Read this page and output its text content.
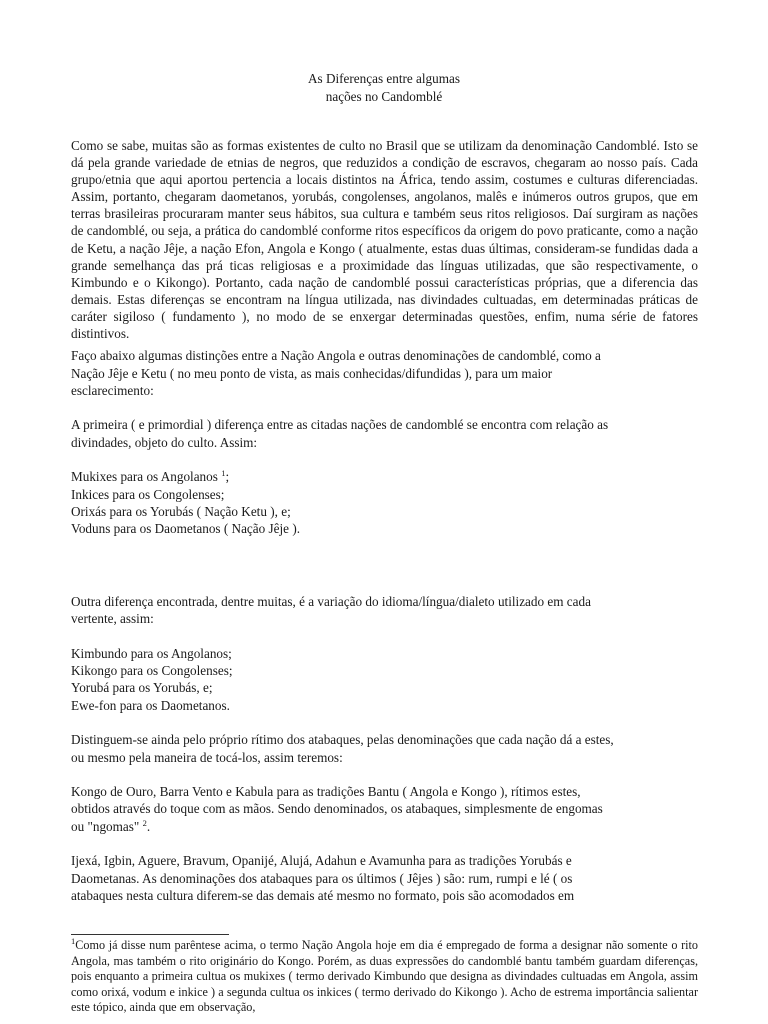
As Diferenças entre algumas
nações no Candomblé

Como se sabe, muitas são as formas existentes de culto no Brasil que se utilizam da denominação Candomblé. Isto se dá pela grande variedade de etnias de negros, que reduzidos a condição de escravos, chegaram ao nosso país. Cada grupo/etnia que aqui aportou pertencia a locais distintos na África, tendo assim, costumes e culturas diferenciadas. Assim, portanto, chegaram daometanos, yorubás, congolenses, angolanos, malês e inúmeros outros grupos, que em terras brasileiras procuraram manter seus hábitos, sua cultura e também seus ritos religiosos. Daí surgiram as nações de candomblé, ou seja, a prática do candomblé conforme ritos específicos da origem do povo praticante, como a nação de Ketu, a nação Jêje, a nação Efon, Angola e Kongo ( atualmente, estas duas últimas, consideram-se fundidas dada a grande semelhança das prá ticas religiosas e a proximidade das línguas utilizadas, que são respectivamente, o Kimbundo e o Kikongo). Portanto, cada nação de candomblé possui características próprias, que a diferencia das demais. Estas diferenças se encontram na língua utilizada, nas divindades cultuadas, em determinadas práticas de caráter sigiloso ( fundamento ), no modo de se enxergar determinadas questões, enfim, numa série de fatores distintivos.

Faço abaixo algumas distinções entre a Nação Angola e outras denominações de candomblé, como a

Nação Jêje e Ketu ( no meu ponto de vista, as mais conhecidas/difundidas ), para um maior

esclarecimento:

A primeira ( e primordial ) diferença entre as citadas nações de candomblé se encontra com relação as

divindades, objeto do culto. Assim:

Mukixes para os Angolanos $^1$;

Inkices para os Congolenses;

Orixás para os Yorubás ( Nação Ketu ), e;

Voduns para os Daometanos ( Nação Jêje ).

Outra diferença encontrada, dentre muitas, é a variação do idioma/língua/dialeto utilizado em cada

vertente, assim:

Kimbundo para os Angolanos;

Kikongo para os Congolenses;

Yorubá para os Yorubás, e;

Ewe-fon para os Daometanos.

Distinguem-se ainda pelo próprio rítimo dos atabaques, pelas denominações que cada nação dá a estes,

ou mesmo pela maneira de tocá-los, assim teremos:

Kongo de Ouro, Barra Vento e Kabula para as tradições Bantu ( Angola e Kongo ), rítimos estes,

obtidos através do toque com as mãos. Sendo denominados, os atabaques, simplesmente de engomas

ou "ngomas" $^2$.

Ijexá, Igbin, Aguere, Bravum, Opanijé, Alujá, Adahun e Avamunha para as tradições Yorubás e

Daometanas. As denominações dos atabaques para os últimos ( Jêjes ) são: rum, rumpi e lé ( os

atabaques nesta cultura diferem-se das demais até mesmo no formato, pois são acomodados em

$^1$Como já disse num parêntese acima, o termo Nação Angola hoje em dia é empregado de forma a designar não somente o rito Angola, mas também o rito originário do Kongo. Porém, as duas expressões do candomblé bantu também guardam diferenças, pois enquanto a primeira cultua os mukixes ( termo derivado Kimbundo que designa as divindades cultuadas em Angola, assim como orixá, vodum e inkice ) a segunda cultua os inkices ( termo derivado do Kikongo ). Acho de estrema importância salientar este tópico, ainda que em observação,
